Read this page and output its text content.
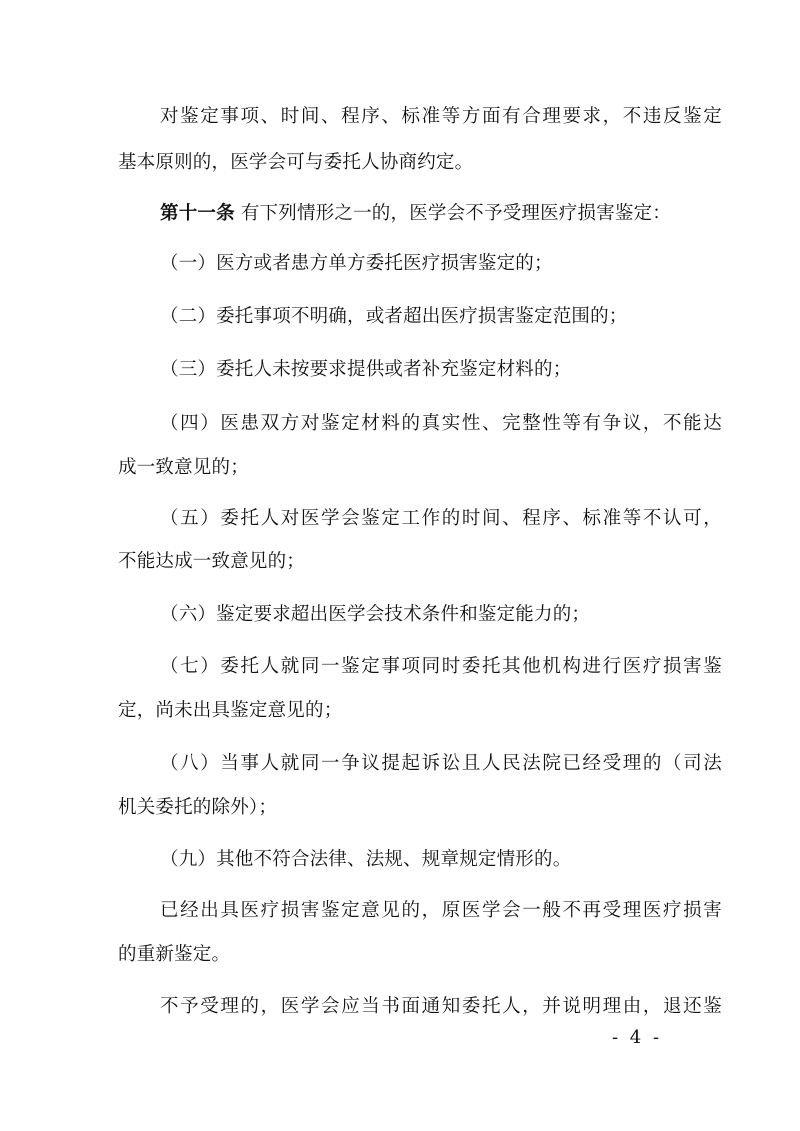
对鉴定事项、时间、程序、标准等方面有合理要求，不违反鉴定
基本原则的，医学会可与委托人协商约定。
第十一条 有下列情形之一的，医学会不予受理医疗损害鉴定：
（一）医方或者患方单方委托医疗损害鉴定的；
（二）委托事项不明确，或者超出医疗损害鉴定范围的；
（三）委托人未按要求提供或者补充鉴定材料的；
（四）医患双方对鉴定材料的真实性、完整性等有争议，不能达
成一致意见的；
（五）委托人对医学会鉴定工作的时间、程序、标准等不认可，
不能达成一致意见的；
（六）鉴定要求超出医学会技术条件和鉴定能力的；
（七）委托人就同一鉴定事项同时委托其他机构进行医疗损害鉴
定，尚未出具鉴定意见的；
（八）当事人就同一争议提起诉讼且人民法院已经受理的（司法
机关委托的除外）；
（九）其他不符合法律、法规、规章规定情形的。
已经出具医疗损害鉴定意见的，原医学会一般不再受理医疗损害
的重新鉴定。
不予受理的，医学会应当书面通知委托人，并说明理由，退还鉴
- 4 -
